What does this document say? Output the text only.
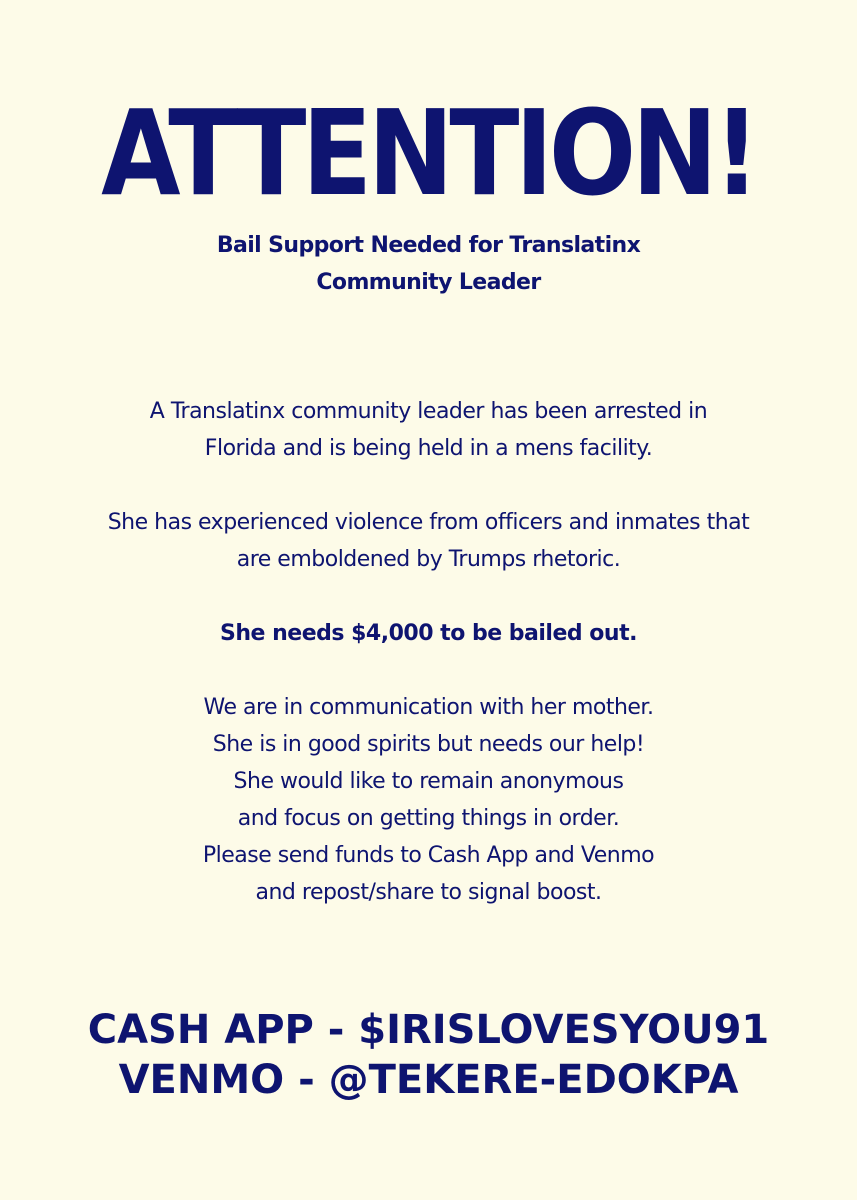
ATTENTION!
Bail Support Needed for Translatinx
Community Leader

A Translatinx community leader has been arrested in
Florida and is being held in a mens facility.

She has experienced violence from officers and inmates that
are emboldened by Trumps rhetoric.

She needs $4,000 to be bailed out.

We are in communication with her mother.
She is in good spirits but needs our help!
She would like to remain anonymous
and focus on getting things in order.
Please send funds to Cash App and Venmo
and repost/share to signal boost.

CASH APP - $IRISLOVESYOU91
VENMO - @TEKERE-EDOKPA
